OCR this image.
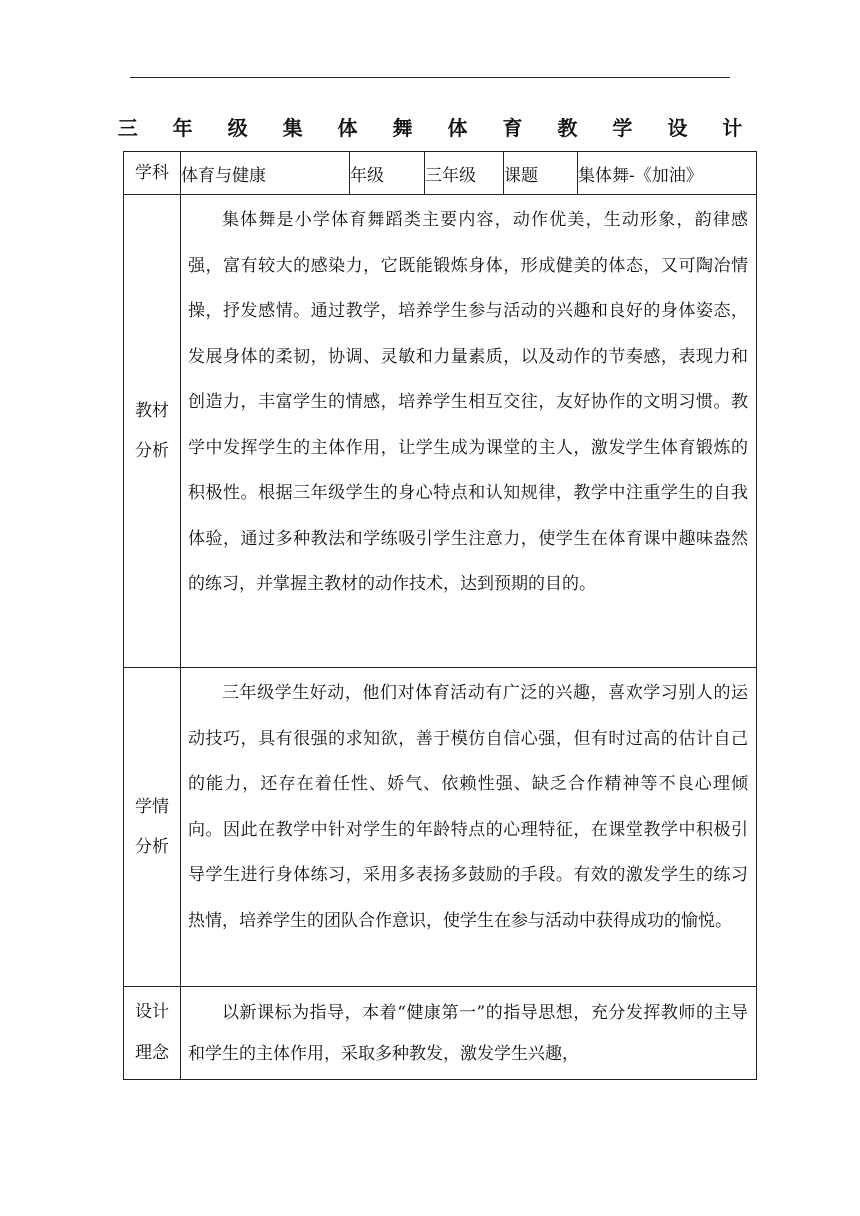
三 年 级 集 体 舞 体 育 教 学 设 计
学科	体育与健康	年级	三年级	课题	集体舞-《加油》
教材
分析	集体舞是小学体育舞蹈类主要内容，动作优美，生动形象，韵律感强，富有较大的感染力，它既能锻炼身体，形成健美的体态，又可陶冶情操，抒发感情。通过教学，培养学生参与活动的兴趣和良好的身体姿态，发展身体的柔韧，协调、灵敏和力量素质，以及动作的节奏感，表现力和创造力，丰富学生的情感，培养学生相互交往，友好协作的文明习惯。教学中发挥学生的主体作用，让学生成为课堂的主人，激发学生体育锻炼的积极性。根据三年级学生的身心特点和认知规律，教学中注重学生的自我体验，通过多种教法和学练吸引学生注意力，使学生在体育课中趣味盎然的练习，并掌握主教材的动作技术，达到预期的目的。				

学情
分析	三年级学生好动，他们对体育活动有广泛的兴趣，喜欢学习别人的运动技巧，具有很强的求知欲，善于模仿自信心强，但有时过高的估计自己的能力，还存在着任性、娇气、依赖性强、缺乏合作精神等不良心理倾向。因此在教学中针对学生的年龄特点的心理特征，在课堂教学中积极引导学生进行身体练习，采用多表扬多鼓励的手段。有效的激发学生的练习热情，培养学生的团队合作意识，使学生在参与活动中获得成功的愉悦。				

设计
理念	以新课标为指导，本着“健康第一”的指导思想，充分发挥教师的主导和学生的主体作用，采取多种教发，激发学生兴趣，				
